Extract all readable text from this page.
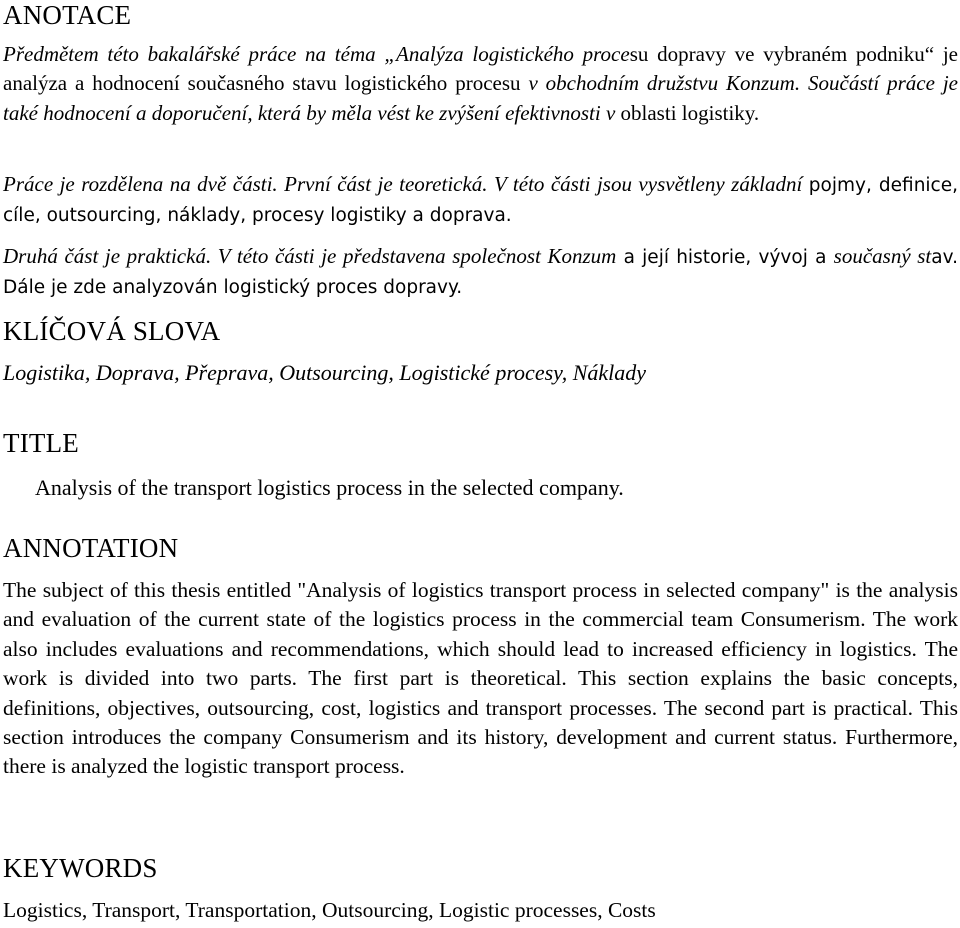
ANOTACE

Předmětem této bakalářské práce na téma „Analýza logistického procesu dopravy ve vybraném podniku“ je analýza a hodnocení současného stavu logistického procesu v obchodním družstvu Konzum. Součástí práce je také hodnocení a doporučení, která by měla vést ke zvýšení efektivnosti v oblasti logistiky.

Práce je rozdělena na dvě části. První část je teoretická. V této části jsou vysvětleny základní pojmy, definice, cíle, outsourcing, náklady, procesy logistiky a doprava.

Druhá část je praktická. V této části je představena společnost Konzum a její historie, vývoj a současný stav. Dále je zde analyzován logistický proces dopravy.

KLÍČOVÁ SLOVA

Logistika, Doprava, Přeprava, Outsourcing, Logistické procesy, Náklady

TITLE

Analysis of the transport logistics process in the selected company.

ANNOTATION

The subject of this thesis entitled "Analysis of logistics transport process in selected company" is the analysis and evaluation of the current state of the logistics process in the commercial team Consumerism. The work also includes evaluations and recommendations, which should lead to increased efficiency in logistics. The work is divided into two parts. The first part is theoretical. This section explains the basic concepts, definitions, objectives, outsourcing, cost, logistics and transport processes. The second part is practical. This section introduces the company Consumerism and its history, development and current status. Furthermore, there is analyzed the logistic transport process.

KEYWORDS

Logistics, Transport, Transportation, Outsourcing, Logistic processes, Costs
